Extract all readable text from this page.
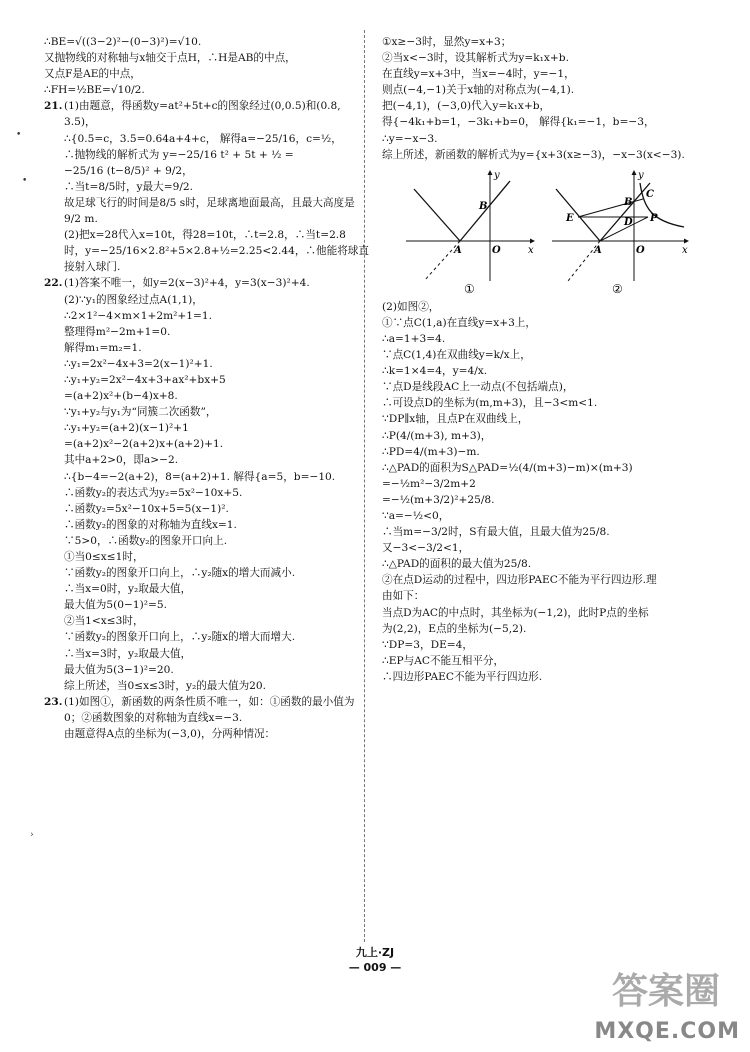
∴BE=√((3−2)²−(0−3)²)=√10.
又抛物线的对称轴与x轴交于点H，∴H是AB的中点，
又点F是AE的中点，
∴FH=½BE=√10/2.
21. (1)由题意，得函数y=at²+5t+c的图象经过(0,0.5)和(0.8,
3.5)，
∴{0.5=c，3.5=0.64a+4+c， 解得a=−25/16，c=½，
∴抛物线的解析式为 y=−25/16 t² + 5t + ½ =
−25/16 (t−8/5)² + 9/2，
∴当t=8/5时，y最大=9/2.
故足球飞行的时间是8/5 s时，足球离地面最高，且最大高度是
9/2 m.
(2)把x=28代入x=10t，得28=10t，∴t=2.8，∴当t=2.8
时，y=−25/16×2.8²+5×2.8+½=2.25<2.44，∴他能将球直
接射入球门.
22. (1)答案不唯一，如y=2(x−3)²+4，y=3(x−3)²+4.
(2)∵y₁的图象经过点A(1,1)，
∴2×1²−4×m×1+2m²+1=1.
整理得m²−2m+1=0.
解得m₁=m₂=1.
∴y₁=2x²−4x+3=2(x−1)²+1.
∴y₁+y₂=2x²−4x+3+ax²+bx+5
=(a+2)x²+(b−4)x+8.
∵y₁+y₂与y₁为“同簇二次函数”，
∴y₁+y₂=(a+2)(x−1)²+1
=(a+2)x²−2(a+2)x+(a+2)+1.
其中a+2>0，即a>−2.
∴{b−4=−2(a+2)，8=(a+2)+1. 解得{a=5，b=−10.
∴函数y₂的表达式为y₂=5x²−10x+5.
∴函数y₂=5x²−10x+5=5(x−1)².
∴函数y₂的图象的对称轴为直线x=1.
∵5>0，∴函数y₂的图象开口向上.
①当0≤x≤1时，
∵函数y₂的图象开口向上，∴y₂随x的增大而减小.
∴当x=0时，y₂取最大值，
最大值为5(0−1)²=5.
②当1<x≤3时，
∵函数y₂的图象开口向上，∴y₂随x的增大而增大.
∴当x=3时，y₂取最大值，
最大值为5(3−1)²=20.
综上所述，当0≤x≤3时，y₂的最大值为20.
23. (1)如图①，新函数的两条性质不唯一，如：①函数的最小值为
0；②函数图象的对称轴为直线x=−3.
由题意得A点的坐标为(−3,0)，分两种情况：
①x≥−3时，显然y=x+3；
②当x<−3时，设其解析式为y=k₁x+b.
在直线y=x+3中，当x=−4时，y=−1，
则点(−4,−1)关于x轴的对称点为(−4,1).
把(−4,1)，(−3,0)代入y=k₁x+b，
得{−4k₁+b=1，−3k₁+b=0， 解得{k₁=−1，b=−3，
∴y=−x−3.
综上所述，新函数的解析式为y={x+3(x≥−3)，−x−3(x<−3).
y
x
A	O
B
①
y
x
A	O
B
C
D
E	P
②
(2)如图②，
①∵点C(1,a)在直线y=x+3上，
∴a=1+3=4.
∵点C(1,4)在双曲线y=k/x上，
∴k=1×4=4，y=4/x.
∵点D是线段AC上一动点(不包括端点)，
∴可设点D的坐标为(m,m+3)，且−3<m<1.
∵DP∥x轴，且点P在双曲线上，
∴P(4/(m+3), m+3)，
∴PD=4/(m+3)−m.
∴△PAD的面积为S△PAD=½(4/(m+3)−m)×(m+3)
=−½m²−3/2m+2
=−½(m+3/2)²+25/8.
∵a=−½<0，
∴当m=−3/2时，S有最大值，且最大值为25/8.
又−3<−3/2<1，
∴△PAD的面积的最大值为25/8.
②在点D运动的过程中，四边形PAEC不能为平行四边形.理
由如下：
当点D为AC的中点时，其坐标为(−1,2)，此时P点的坐标
为(2,2)，E点的坐标为(−5,2).
∵DP=3，DE=4，
∴EP与AC不能互相平分，
∴四边形PAEC不能为平行四边形.
•
•
›
九上·ZJ
— 009 —
答案圈
MXQE.COM
